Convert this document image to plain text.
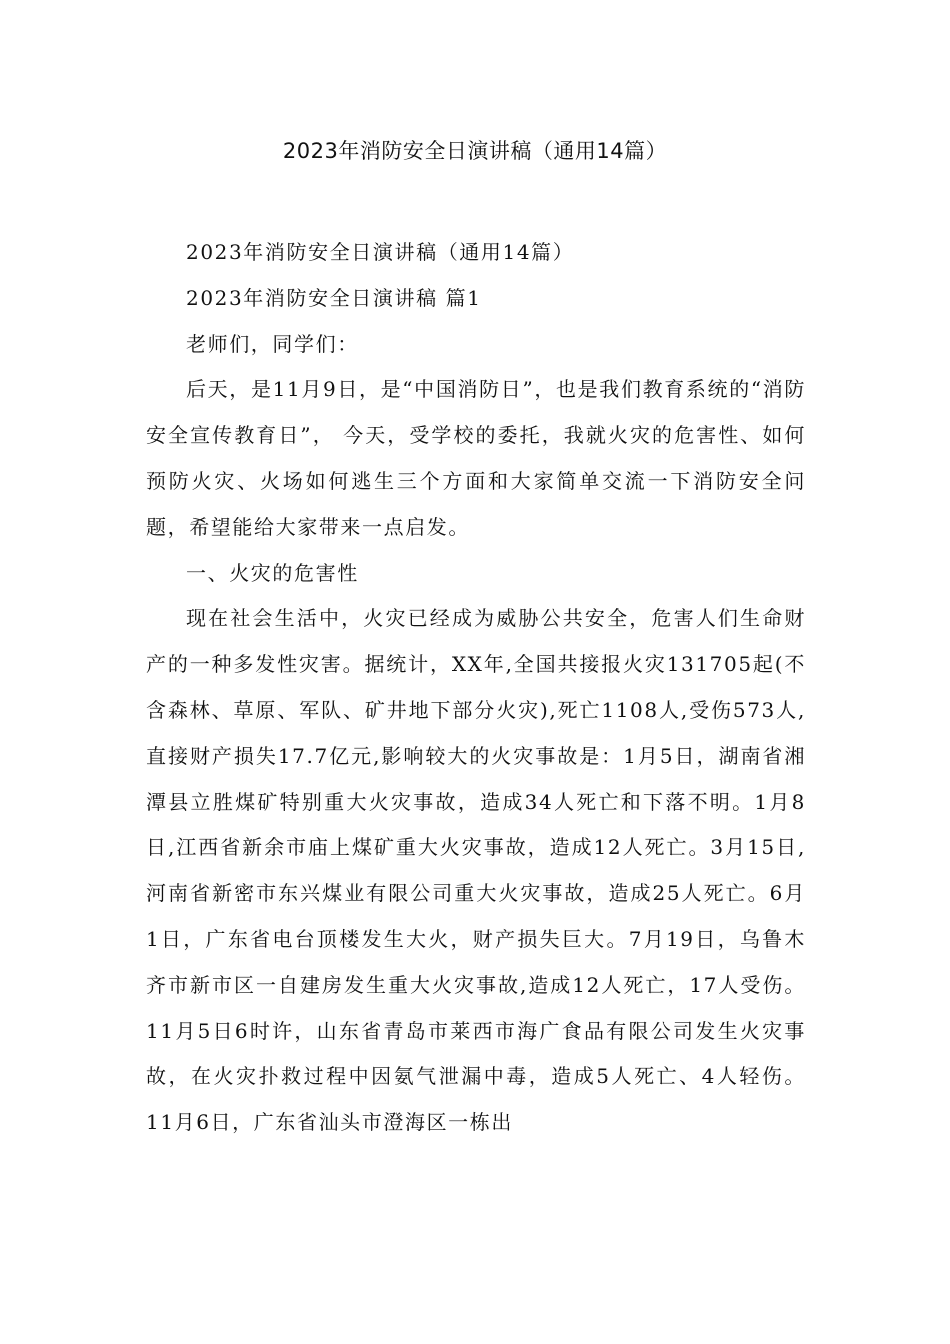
2023年消防安全日演讲稿（通用14篇）

2023年消防安全日演讲稿（通用14篇）

2023年消防安全日演讲稿 篇1

老师们，同学们：

后天，是11月9日，是“中国消防日”，也是我们教育系统的“消防安全宣传教育日”， 今天，受学校的委托，我就火灾的危害性、如何预防火灾、火场如何逃生三个方面和大家简单交流一下消防安全问题，希望能给大家带来一点启发。

一、火灾的危害性

现在社会生活中，火灾已经成为威胁公共安全，危害人们生命财产的一种多发性灾害。据统计，XX年,全国共接报火灾131705起(不含森林、草原、军队、矿井地下部分火灾),死亡1108人,受伤573人,直接财产损失17.7亿元,影响较大的火灾事故是：1月5日，湖南省湘潭县立胜煤矿特别重大火灾事故，造成34人死亡和下落不明。1月8日,江西省新余市庙上煤矿重大火灾事故，造成12人死亡。3月15日,河南省新密市东兴煤业有限公司重大火灾事故，造成25人死亡。6月1日，广东省电台顶楼发生大火，财产损失巨大。7月19日，乌鲁木齐市新市区一自建房发生重大火灾事故,造成12人死亡，17人受伤。11月5日6时许，山东省青岛市莱西市海广食品有限公司发生火灾事故，在火灾扑救过程中因氨气泄漏中毒，造成5人死亡、4人轻伤。11月6日，广东省汕头市澄海区一栋出
